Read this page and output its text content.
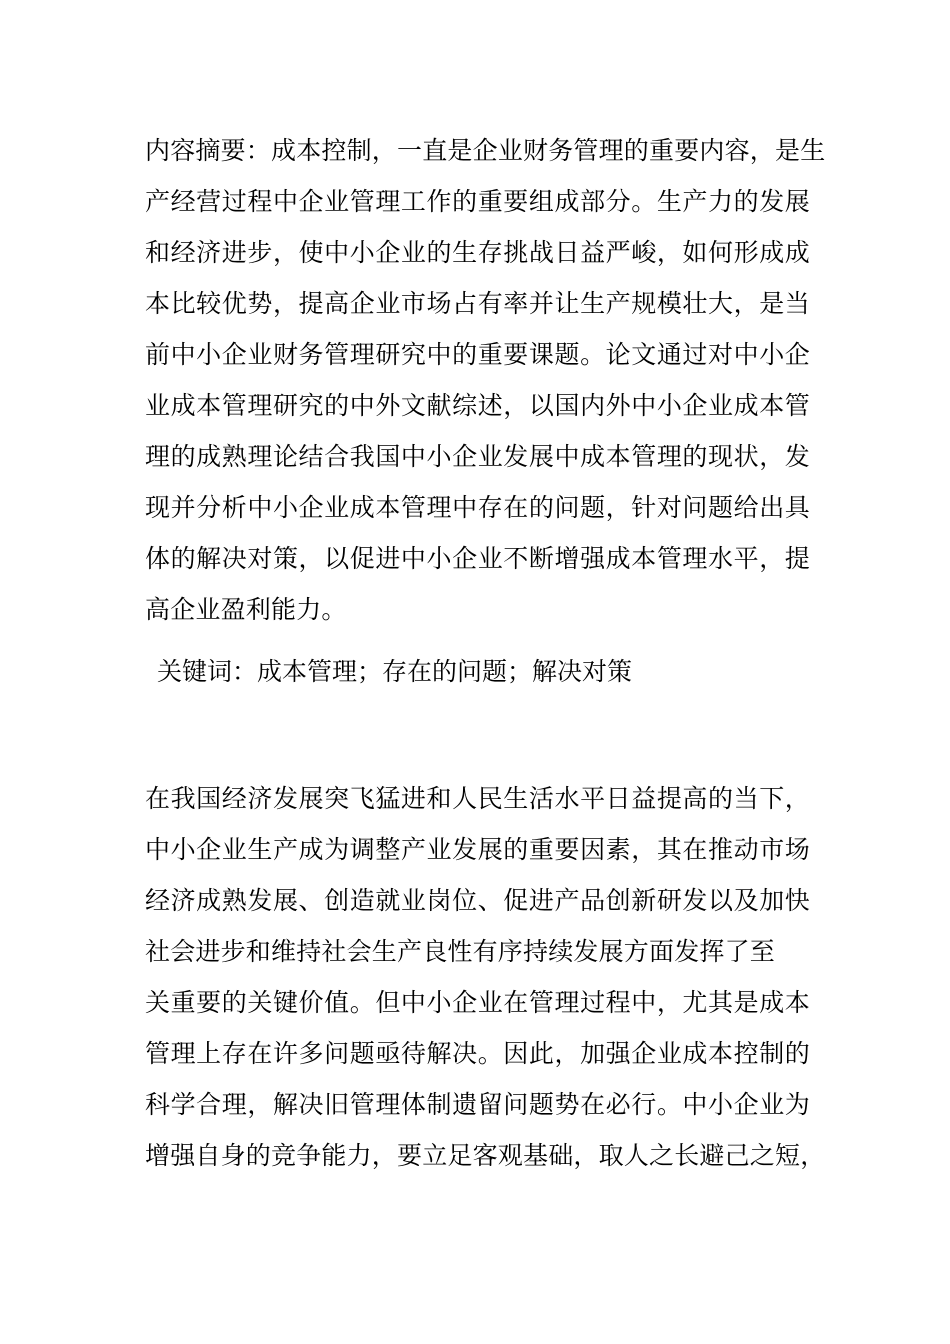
内容摘要：成本控制，一直是企业财务管理的重要内容，是生
产经营过程中企业管理工作的重要组成部分。生产力的发展
和经济进步，使中小企业的生存挑战日益严峻，如何形成成
本比较优势，提高企业市场占有率并让生产规模壮大，是当
前中小企业财务管理研究中的重要课题。论文通过对中小企
业成本管理研究的中外文献综述，以国内外中小企业成本管
理的成熟理论结合我国中小企业发展中成本管理的现状，发
现并分析中小企业成本管理中存在的问题，针对问题给出具
体的解决对策，以促进中小企业不断增强成本管理水平，提
高企业盈利能力。
关键词：成本管理；存在的问题；解决对策
在我国经济发展突飞猛进和人民生活水平日益提高的当下，
中小企业生产成为调整产业发展的重要因素，其在推动市场
经济成熟发展、创造就业岗位、促进产品创新研发以及加快
社会进步和维持社会生产良性有序持续发展方面发挥了至
关重要的关键价值。但中小企业在管理过程中，尤其是成本
管理上存在许多问题亟待解决。因此，加强企业成本控制的
科学合理，解决旧管理体制遗留问题势在必行。中小企业为
增强自身的竞争能力，要立足客观基础，取人之长避己之短，
